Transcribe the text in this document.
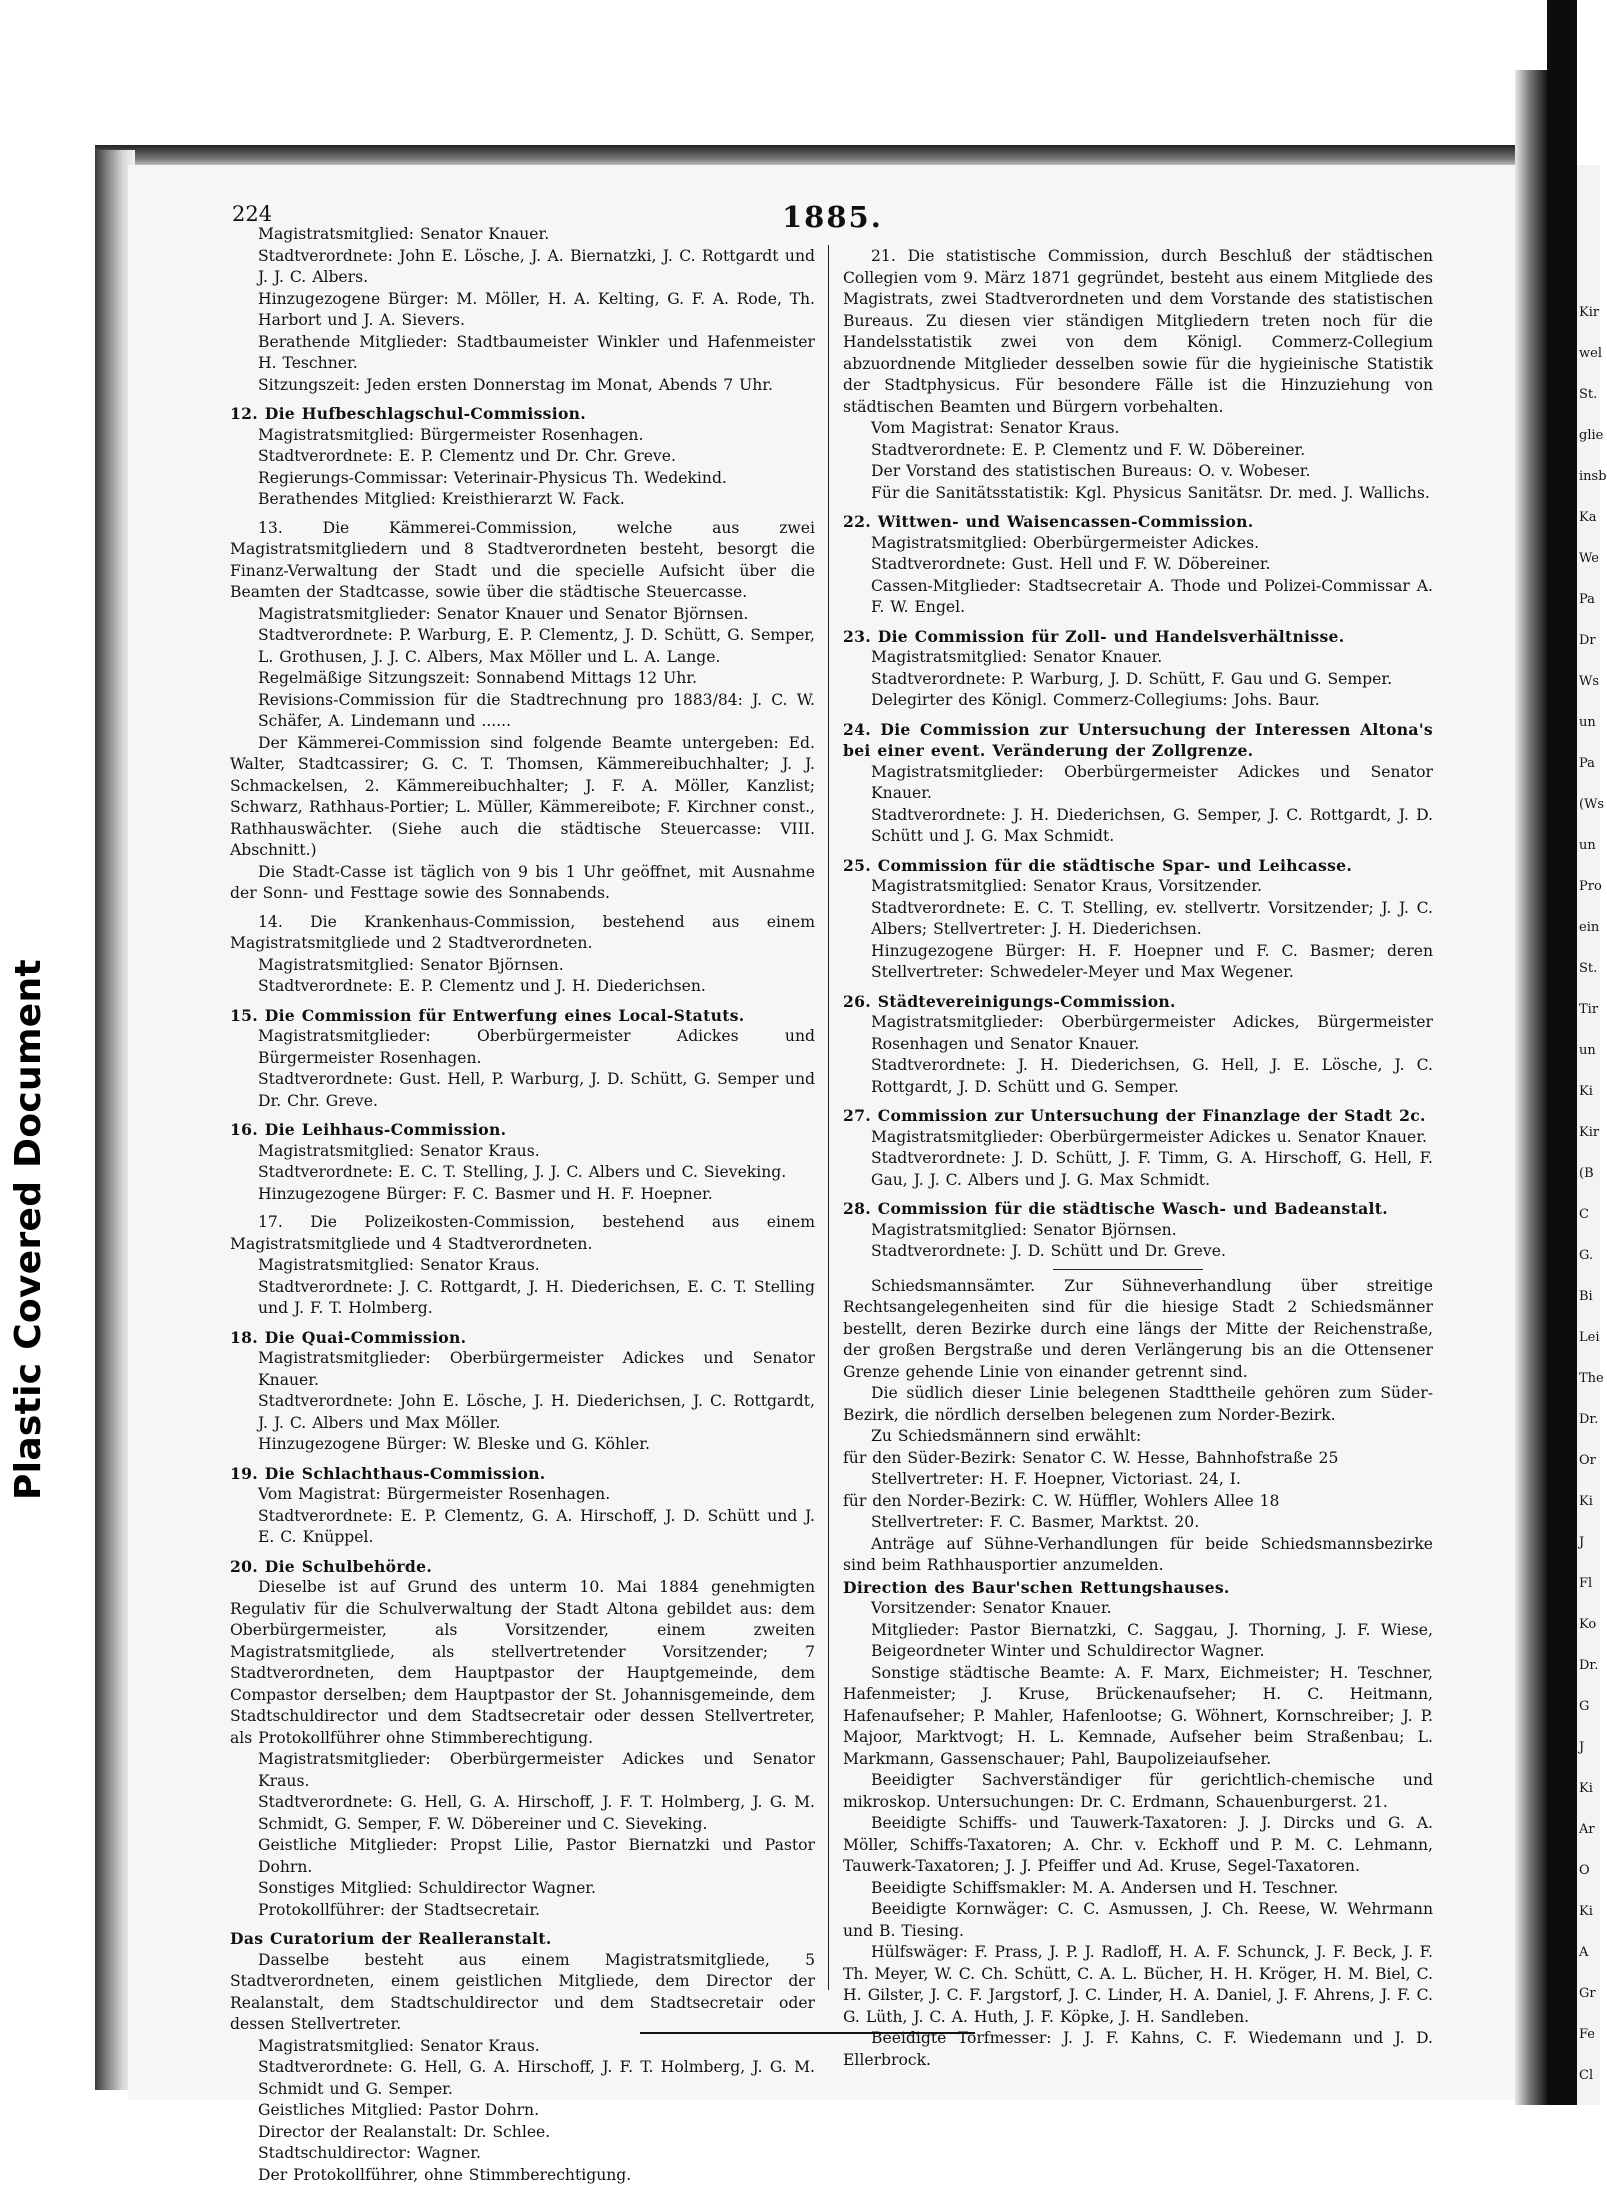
Kir
wel
St.
glie
insb
Ka
We
Pa
Dr
Ws
un
Pa
(Ws
un
Pro
ein
St.
Tir
un
Ki
Kir
(B
C
G.
Bi
Lei
The
Dr.
Or
Ki
J
Fl
Ko
Dr.
G
J
Ki
Ar
O
Ki
A
Gr
Fe
Cl
Plastic Covered Document
224	1885.

Magistratsmitglied: Senator Knauer.

Stadtverordnete: John E. Lösche, J. A. Biernatzki, J. C. Rottgardt und J. J. C. Albers.

Hinzugezogene Bürger: M. Möller, H. A. Kelting, G. F. A. Rode, Th. Harbort und J. A. Sievers.

Berathende Mitglieder: Stadtbaumeister Winkler und Hafenmeister H. Teschner.

Sitzungszeit: Jeden ersten Donnerstag im Monat, Abends 7 Uhr.

12. Die Hufbeschlagschul-Commission.

Magistratsmitglied: Bürgermeister Rosenhagen.

Stadtverordnete: E. P. Clementz und Dr. Chr. Greve.

Regierungs-Commissar: Veterinair-Physicus Th. Wedekind.

Berathendes Mitglied: Kreisthierarzt W. Fack.

13. Die Kämmerei-Commission, welche aus zwei Magistratsmitgliedern und 8 Stadtverordneten besteht, besorgt die Finanz-Verwaltung der Stadt und die specielle Aufsicht über die Beamten der Stadtcasse, sowie über die städtische Steuercasse.

Magistratsmitglieder: Senator Knauer und Senator Björnsen.

Stadtverordnete: P. Warburg, E. P. Clementz, J. D. Schütt, G. Semper, L. Grothusen, J. J. C. Albers, Max Möller und L. A. Lange.

Regelmäßige Sitzungszeit: Sonnabend Mittags 12 Uhr.

Revisions-Commission für die Stadtrechnung pro 1883/84: J. C. W. Schäfer, A. Lindemann und ......

Der Kämmerei-Commission sind folgende Beamte untergeben: Ed. Walter, Stadtcassirer; G. C. T. Thomsen, Kämmereibuchhalter; J. J. Schmackelsen, 2. Kämmereibuchhalter; J. F. A. Möller, Kanzlist; Schwarz, Rathhaus-Portier; L. Müller, Kämmereibote; F. Kirchner const., Rathhauswächter. (Siehe auch die städtische Steuercasse: VIII. Abschnitt.)

Die Stadt-Casse ist täglich von 9 bis 1 Uhr geöffnet, mit Ausnahme der Sonn- und Festtage sowie des Sonnabends.

14. Die Krankenhaus-Commission, bestehend aus einem Magistratsmitgliede und 2 Stadtverordneten.

Magistratsmitglied: Senator Björnsen.

Stadtverordnete: E. P. Clementz und J. H. Diederichsen.

15. Die Commission für Entwerfung eines Local-Statuts.

Magistratsmitglieder: Oberbürgermeister Adickes und Bürgermeister Rosenhagen.

Stadtverordnete: Gust. Hell, P. Warburg, J. D. Schütt, G. Semper und Dr. Chr. Greve.

16. Die Leihhaus-Commission.

Magistratsmitglied: Senator Kraus.

Stadtverordnete: E. C. T. Stelling, J. J. C. Albers und C. Sieveking.

Hinzugezogene Bürger: F. C. Basmer und H. F. Hoepner.

17. Die Polizeikosten-Commission, bestehend aus einem Magistratsmitgliede und 4 Stadtverordneten.

Magistratsmitglied: Senator Kraus.

Stadtverordnete: J. C. Rottgardt, J. H. Diederichsen, E. C. T. Stelling und J. F. T. Holmberg.

18. Die Quai-Commission.

Magistratsmitglieder: Oberbürgermeister Adickes und Senator Knauer.

Stadtverordnete: John E. Lösche, J. H. Diederichsen, J. C. Rottgardt, J. J. C. Albers und Max Möller.

Hinzugezogene Bürger: W. Bleske und G. Köhler.

19. Die Schlachthaus-Commission.

Vom Magistrat: Bürgermeister Rosenhagen.

Stadtverordnete: E. P. Clementz, G. A. Hirschoff, J. D. Schütt und J. E. C. Knüppel.

20. Die Schulbehörde.

Dieselbe ist auf Grund des unterm 10. Mai 1884 genehmigten Regulativ für die Schulverwaltung der Stadt Altona gebildet aus: dem Oberbürgermeister, als Vorsitzender, einem zweiten Magistratsmitgliede, als stellvertretender Vorsitzender; 7 Stadtverordneten, dem Hauptpastor der Hauptgemeinde, dem Compastor derselben; dem Hauptpastor der St. Johannisgemeinde, dem Stadtschuldirector und dem Stadtsecretair oder dessen Stellvertreter, als Protokollführer ohne Stimmberechtigung.

Magistratsmitglieder: Oberbürgermeister Adickes und Senator Kraus.

Stadtverordnete: G. Hell, G. A. Hirschoff, J. F. T. Holmberg, J. G. M. Schmidt, G. Semper, F. W. Döbereiner und C. Sieveking.

Geistliche Mitglieder: Propst Lilie, Pastor Biernatzki und Pastor Dohrn.

Sonstiges Mitglied: Schuldirector Wagner.

Protokollführer: der Stadtsecretair.

Das Curatorium der Realleranstalt.

Dasselbe besteht aus einem Magistratsmitgliede, 5 Stadtverordneten, einem geistlichen Mitgliede, dem Director der Realanstalt, dem Stadtschuldirector und dem Stadtsecretair oder dessen Stellvertreter.

Magistratsmitglied: Senator Kraus.

Stadtverordnete: G. Hell, G. A. Hirschoff, J. F. T. Holmberg, J. G. M. Schmidt und G. Semper.

Geistliches Mitglied: Pastor Dohrn.

Director der Realanstalt: Dr. Schlee.

Stadtschuldirector: Wagner.

Der Protokollführer, ohne Stimmberechtigung.

21. Die statistische Commission, durch Beschluß der städtischen Collegien vom 9. März 1871 gegründet, besteht aus einem Mitgliede des Magistrats, zwei Stadtverordneten und dem Vorstande des statistischen Bureaus. Zu diesen vier ständigen Mitgliedern treten noch für die Handelsstatistik zwei von dem Königl. Commerz-Collegium abzuordnende Mitglieder desselben sowie für die hygieinische Statistik der Stadtphysicus. Für besondere Fälle ist die Hinzuziehung von städtischen Beamten und Bürgern vorbehalten.

Vom Magistrat: Senator Kraus.

Stadtverordnete: E. P. Clementz und F. W. Döbereiner.

Der Vorstand des statistischen Bureaus: O. v. Wobeser.

Für die Sanitätsstatistik: Kgl. Physicus Sanitätsr. Dr. med. J. Wallichs.

22. Wittwen- und Waisencassen-Commission.

Magistratsmitglied: Oberbürgermeister Adickes.

Stadtverordnete: Gust. Hell und F. W. Döbereiner.

Cassen-Mitglieder: Stadtsecretair A. Thode und Polizei-Commissar A. F. W. Engel.

23. Die Commission für Zoll- und Handelsverhältnisse.

Magistratsmitglied: Senator Knauer.

Stadtverordnete: P. Warburg, J. D. Schütt, F. Gau und G. Semper.

Delegirter des Königl. Commerz-Collegiums: Johs. Baur.

24. Die Commission zur Untersuchung der Interessen Altona's bei einer event. Veränderung der Zollgrenze.

Magistratsmitglieder: Oberbürgermeister Adickes und Senator Knauer.

Stadtverordnete: J. H. Diederichsen, G. Semper, J. C. Rottgardt, J. D. Schütt und J. G. Max Schmidt.

25. Commission für die städtische Spar- und Leihcasse.

Magistratsmitglied: Senator Kraus, Vorsitzender.

Stadtverordnete: E. C. T. Stelling, ev. stellvertr. Vorsitzender; J. J. C. Albers; Stellvertreter: J. H. Diederichsen.

Hinzugezogene Bürger: H. F. Hoepner und F. C. Basmer; deren Stellvertreter: Schwedeler-Meyer und Max Wegener.

26. Städtevereinigungs-Commission.

Magistratsmitglieder: Oberbürgermeister Adickes, Bürgermeister Rosenhagen und Senator Knauer.

Stadtverordnete: J. H. Diederichsen, G. Hell, J. E. Lösche, J. C. Rottgardt, J. D. Schütt und G. Semper.

27. Commission zur Untersuchung der Finanzlage der Stadt 2c.

Magistratsmitglieder: Oberbürgermeister Adickes u. Senator Knauer.

Stadtverordnete: J. D. Schütt, J. F. Timm, G. A. Hirschoff, G. Hell, F. Gau, J. J. C. Albers und J. G. Max Schmidt.

28. Commission für die städtische Wasch- und Badeanstalt.

Magistratsmitglied: Senator Björnsen.

Stadtverordnete: J. D. Schütt und Dr. Greve.

Schiedsmannsämter. Zur Sühneverhandlung über streitige Rechtsangelegenheiten sind für die hiesige Stadt 2 Schiedsmänner bestellt, deren Bezirke durch eine längs der Mitte der Reichenstraße, der großen Bergstraße und deren Verlängerung bis an die Ottensener Grenze gehende Linie von einander getrennt sind.

Die südlich dieser Linie belegenen Stadttheile gehören zum Süder-Bezirk, die nördlich derselben belegenen zum Norder-Bezirk.

Zu Schiedsmännern sind erwählt:

für den Süder-Bezirk: Senator C. W. Hesse, Bahnhofstraße 25

Stellvertreter: H. F. Hoepner, Victoriast. 24, I.

für den Norder-Bezirk: C. W. Hüffler, Wohlers Allee 18

Stellvertreter: F. C. Basmer, Marktst. 20.

Anträge auf Sühne-Verhandlungen für beide Schiedsmannsbezirke sind beim Rathhausportier anzumelden.

Direction des Baur'schen Rettungshauses.

Vorsitzender: Senator Knauer.

Mitglieder: Pastor Biernatzki, C. Saggau, J. Thorning, J. F. Wiese, Beigeordneter Winter und Schuldirector Wagner.

Sonstige städtische Beamte: A. F. Marx, Eichmeister; H. Teschner, Hafenmeister; J. Kruse, Brückenaufseher; H. C. Heitmann, Hafenaufseher; P. Mahler, Hafenlootse; G. Wöhnert, Kornschreiber; J. P. Majoor, Marktvogt; H. L. Kemnade, Aufseher beim Straßenbau; L. Markmann, Gassenschauer; Pahl, Baupolizeiaufseher.

Beeidigter Sachverständiger für gerichtlich-chemische und mikroskop. Untersuchungen: Dr. C. Erdmann, Schauenburgerst. 21.

Beeidigte Schiffs- und Tauwerk-Taxatoren: J. J. Dircks und G. A. Möller, Schiffs-Taxatoren; A. Chr. v. Eckhoff und P. M. C. Lehmann, Tauwerk-Taxatoren; J. J. Pfeiffer und Ad. Kruse, Segel-Taxatoren.

Beeidigte Schiffsmakler: M. A. Andersen und H. Teschner.

Beeidigte Kornwäger: C. C. Asmussen, J. Ch. Reese, W. Wehrmann und B. Tiesing.

Hülfswäger: F. Prass, J. P. J. Radloff, H. A. F. Schunck, J. F. Beck, J. F. Th. Meyer, W. C. Ch. Schütt, C. A. L. Bücher, H. H. Kröger, H. M. Biel, C. H. Gilster, J. C. F. Jargstorf, J. C. Linder, H. A. Daniel, J. F. Ahrens, J. F. C. G. Lüth, J. C. A. Huth, J. F. Köpke, J. H. Sandleben.

Beeidigte Torfmesser: J. J. F. Kahns, C. F. Wiedemann und J. D. Ellerbrock.
